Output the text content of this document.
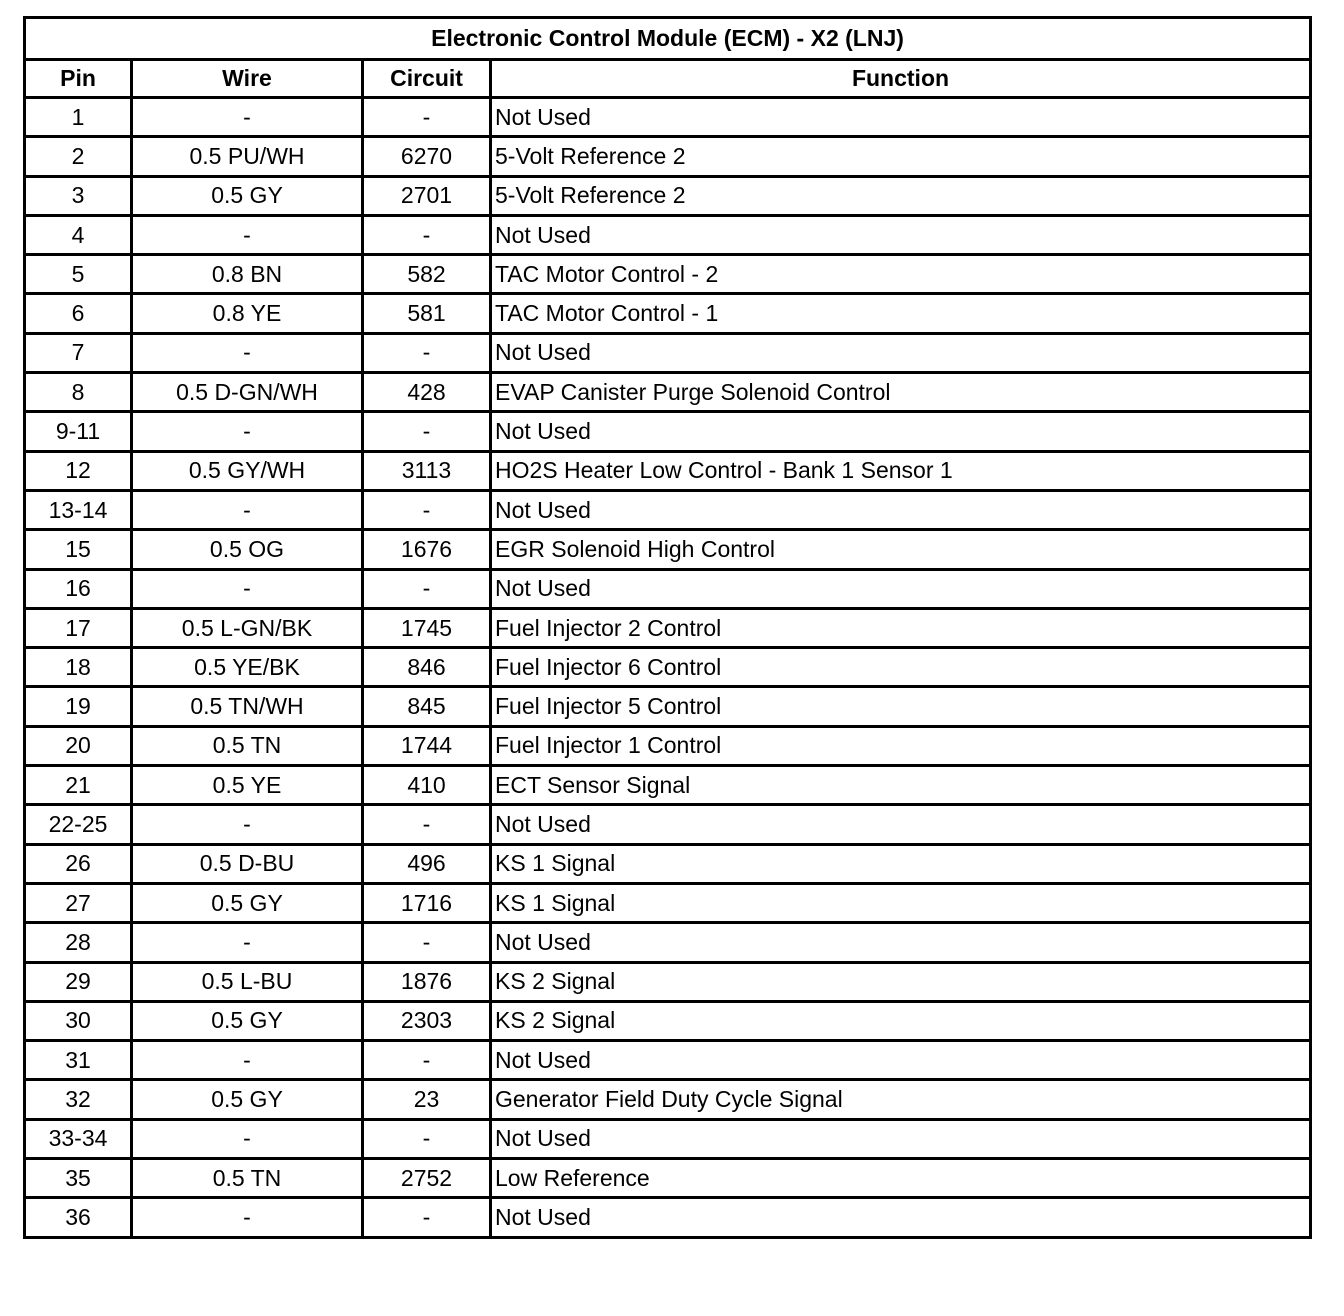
Electronic Control Module (ECM) - X2 (LNJ)			
Pin	Wire	Circuit	Function
1	-	-	Not Used
2	0.5 PU/WH	6270	5-Volt Reference 2
3	0.5 GY	2701	5-Volt Reference 2
4	-	-	Not Used
5	0.8 BN	582	TAC Motor Control - 2
6	0.8 YE	581	TAC Motor Control - 1
7	-	-	Not Used
8	0.5 D-GN/WH	428	EVAP Canister Purge Solenoid Control
9-11	-	-	Not Used
12	0.5 GY/WH	3113	HO2S Heater Low Control - Bank 1 Sensor 1
13-14	-	-	Not Used
15	0.5 OG	1676	EGR Solenoid High Control
16	-	-	Not Used
17	0.5 L-GN/BK	1745	Fuel Injector 2 Control
18	0.5 YE/BK	846	Fuel Injector 6 Control
19	0.5 TN/WH	845	Fuel Injector 5 Control
20	0.5 TN	1744	Fuel Injector 1 Control
21	0.5 YE	410	ECT Sensor Signal
22-25	-	-	Not Used
26	0.5 D-BU	496	KS 1 Signal
27	0.5 GY	1716	KS 1 Signal
28	-	-	Not Used
29	0.5 L-BU	1876	KS 2 Signal
30	0.5 GY	2303	KS 2 Signal
31	-	-	Not Used
32	0.5 GY	23	Generator Field Duty Cycle Signal
33-34	-	-	Not Used
35	0.5 TN	2752	Low Reference
36	-	-	Not Used
